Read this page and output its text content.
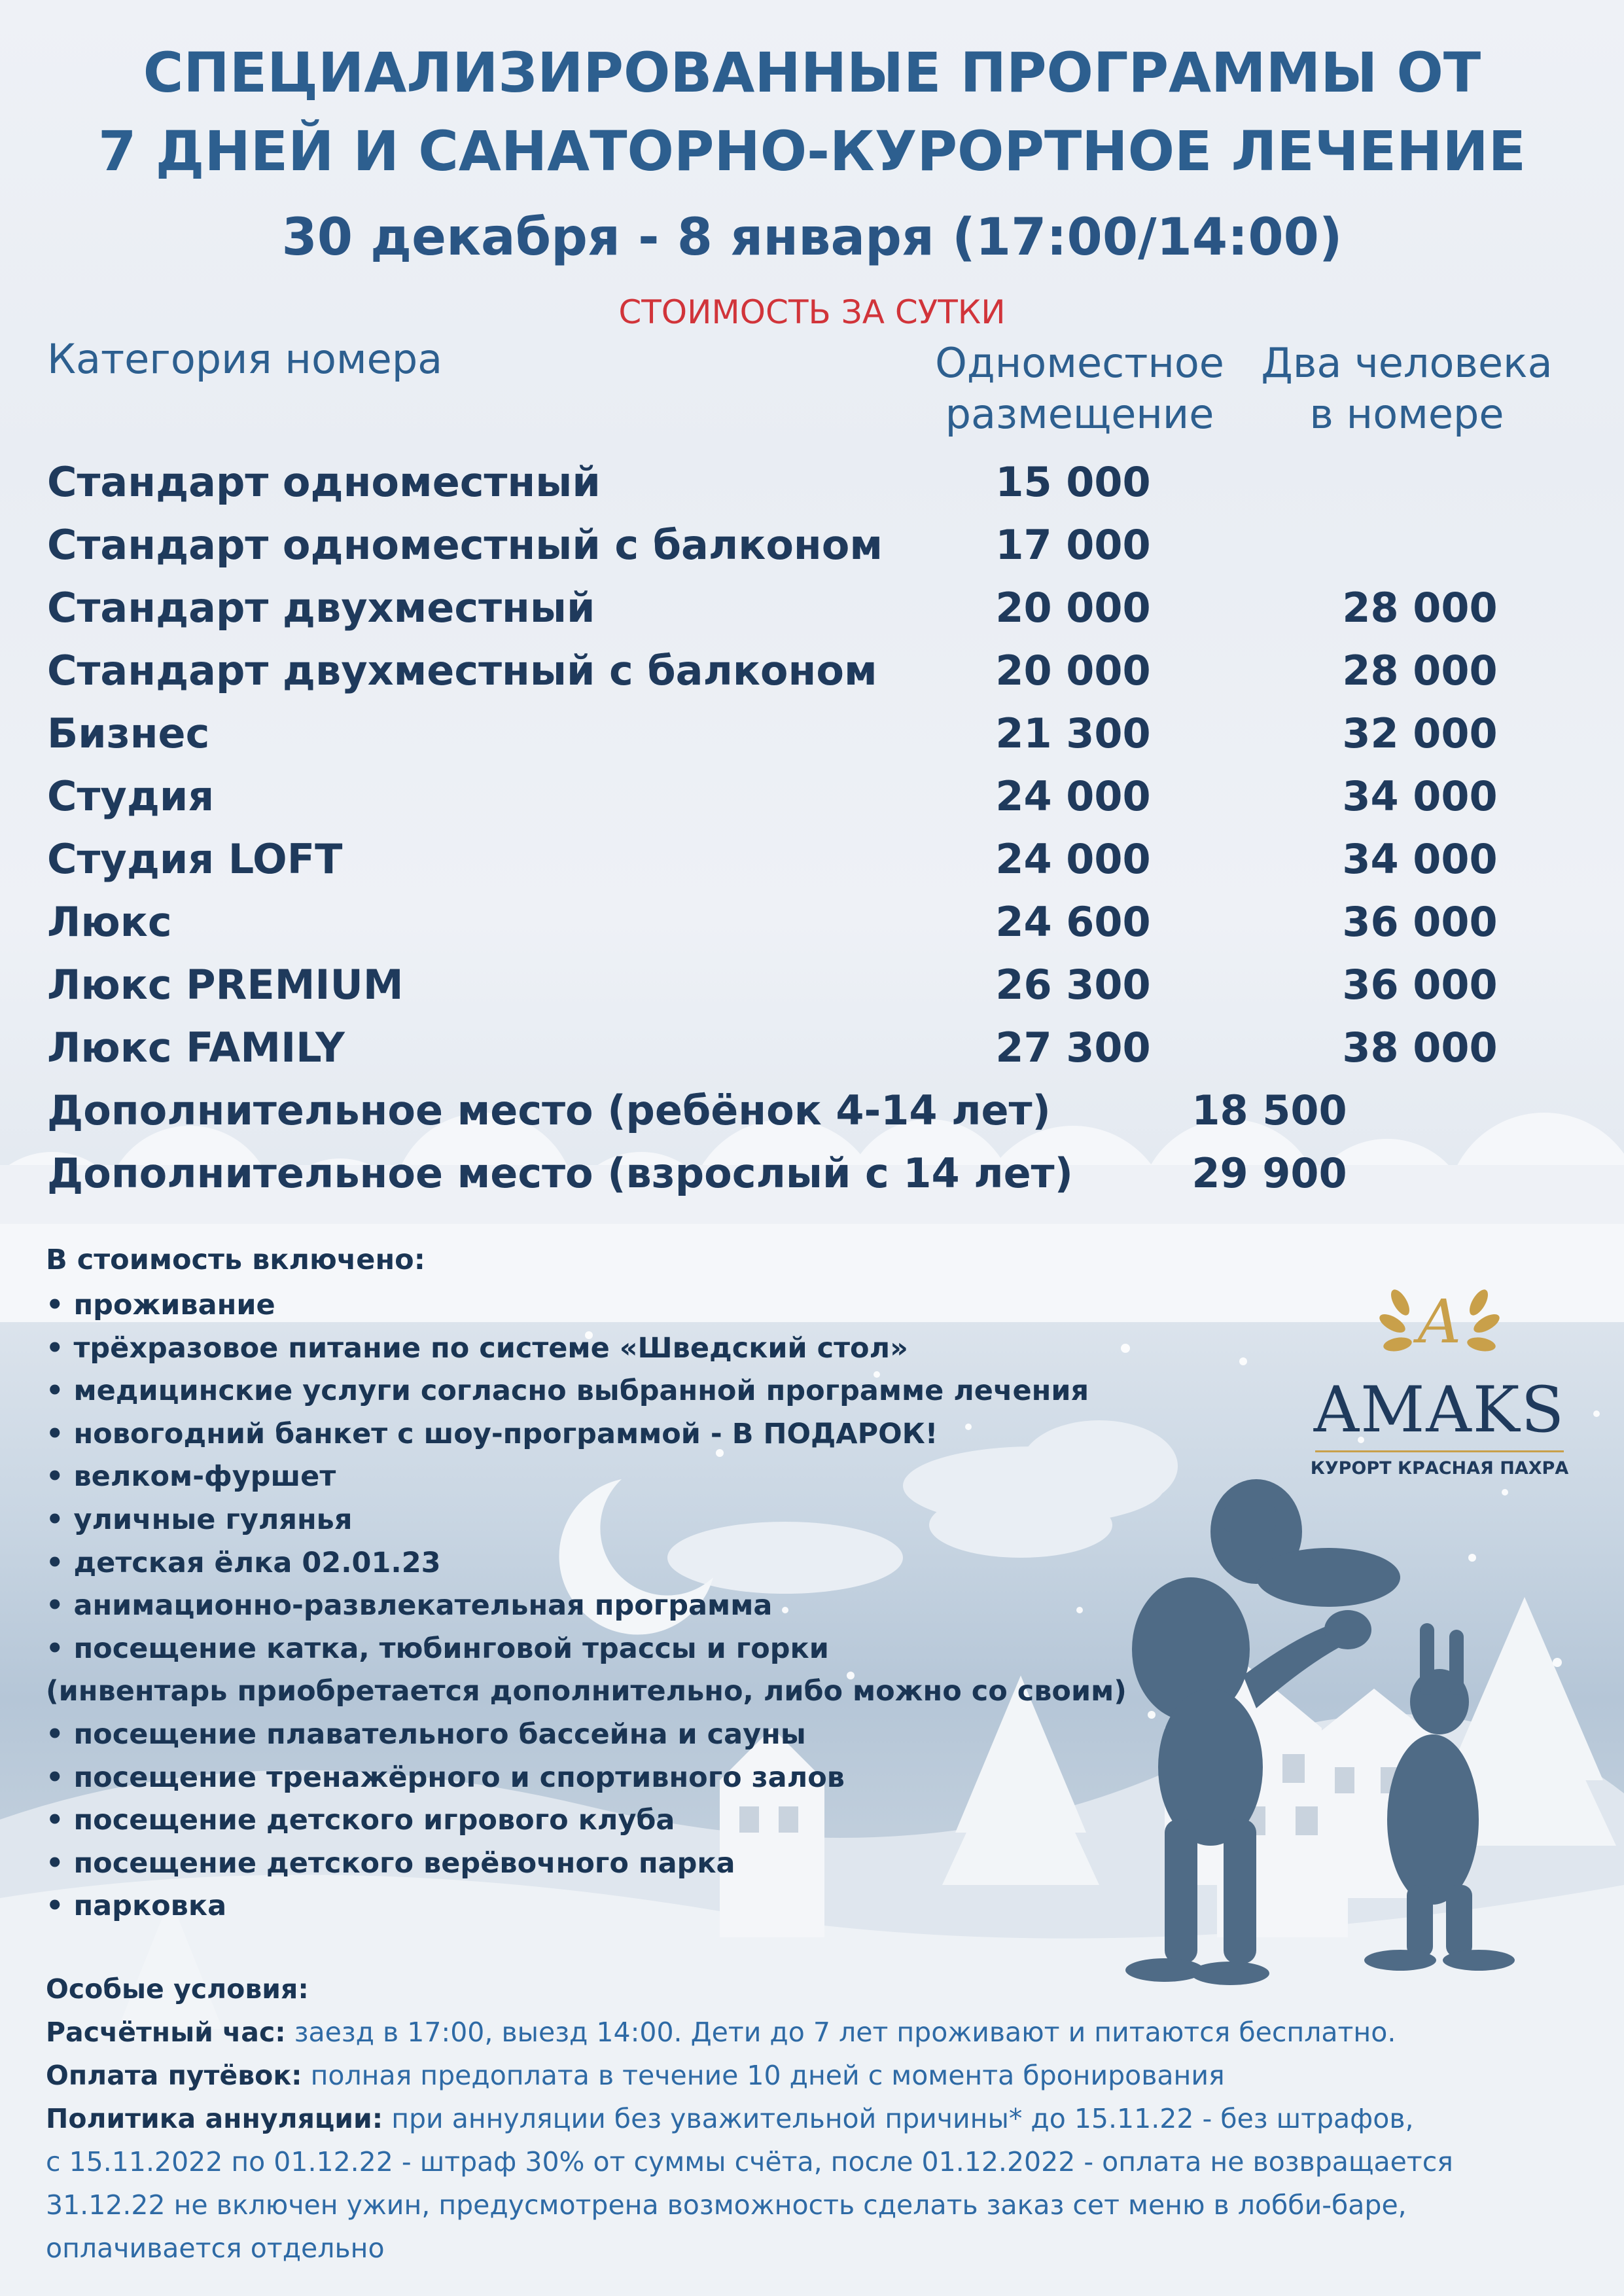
СПЕЦИАЛИЗИРОВАННЫЕ ПРОГРАММЫ ОТ
7 ДНЕЙ И САНАТОРНО-КУРОРТНОЕ ЛЕЧЕНИЕ
30 декабря - 8 января (17:00/14:00)
СТОИМОСТЬ ЗА СУТКИ
Категория номера	Одноместное
размещение
Два человека
в номере
Стандарт одноместный	15 000
Стандарт одноместный с балконом	17 000
Стандарт двухместный	20 000	28 000
Стандарт двухместный с балконом	20 000	28 000
Бизнес	21 300	32 000
Студия	24 000	34 000
Студия LOFT	24 000	34 000
Люкс	24 600	36 000
Люкс PREMIUM	26 300	36 000
Люкс FAMILY	27 300	38 000
Дополнительное место (ребёнок 4-14 лет)	18 500
Дополнительное место (взрослый с 14 лет)	29 900
В стоимость включено:
• проживание
• трёхразовое питание по системе «Шведский стол»
• медицинские услуги согласно выбранной программе лечения
• новогодний банкет с шоу-программой - В ПОДАРОК!
• велком-фуршет
• уличные гулянья
• детская ёлка 02.01.23
• анимационно-развлекательная программа
• посещение катка, тюбинговой трассы и горки
(инвентарь приобретается дополнительно, либо можно со своим)
• посещение плавательного бассейна и сауны
• посещение тренажёрного и спортивного залов
• посещение детского игрового клуба
• посещение детского верёвочного парка
• парковка
А
AMAKS
КУРОРТ КРАСНАЯ ПАХРА
Особые условия:
Расчётный час: заезд в 17:00, выезд 14:00. Дети до 7 лет проживают и питаются бесплатно.
Оплата путёвок: полная предоплата в течение 10 дней с момента бронирования
Политика аннуляции: при аннуляции без уважительной причины* до 15.11.22 - без штрафов,
с 15.11.2022 по 01.12.22 - штраф 30% от суммы счёта, после 01.12.2022 - оплата не возвращается
31.12.22 не включен ужин, предусмотрена возможность сделать заказ сет меню в лобби-баре,
оплачивается отдельно
